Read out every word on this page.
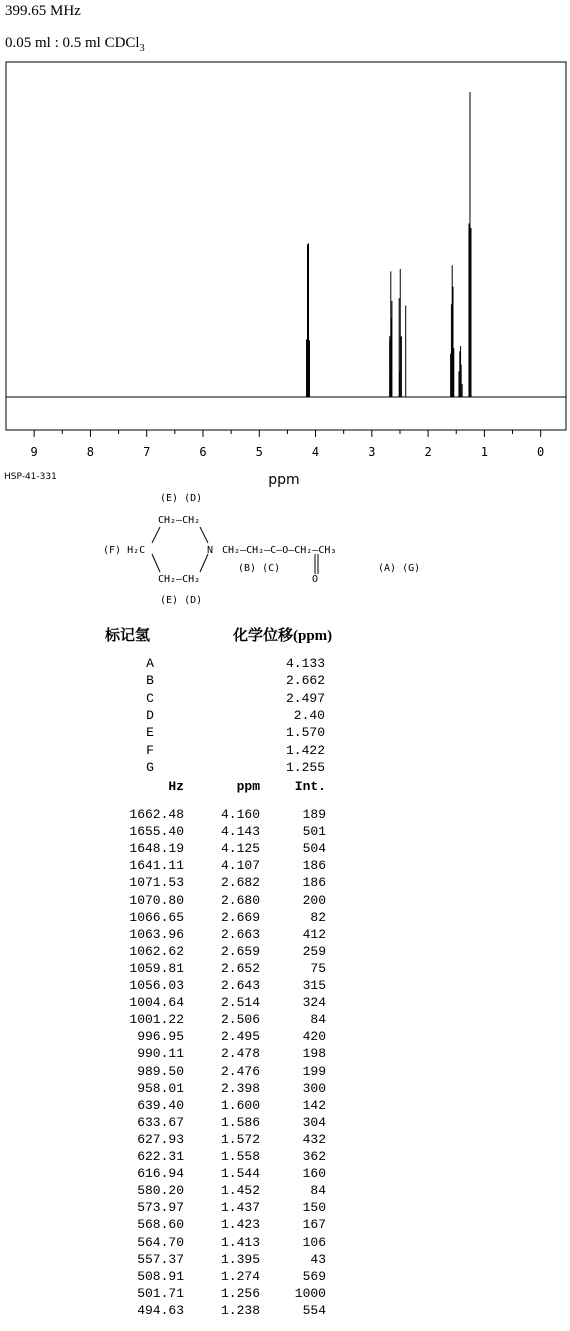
399.65 MHz
0.05 ml : 0.5 ml CDCl$_3$
9	8	7	6	5	4	3	2	1	0
ppm
HSP-41-331
(E) (D)
CH₂—CH₂
(F) H₂C	N CH₂—CH₂—C—O—CH₂—CH₃
(B) (C)	(A) (G)
O
CH₂—CH₂
(E) (D)
标记氢	化学位移(ppm)
A	4.133
B	2.662
C	2.497
D	2.40
E	1.570
F	1.422
G	1.255
Hz	ppm	Int.
1662.48	4.160	189
1655.40	4.143	501
1648.19	4.125	504
1641.11	4.107	186
1071.53	2.682	186
1070.80	2.680	200
1066.65	2.669	82
1063.96	2.663	412
1062.62	2.659	259
1059.81	2.652	75
1056.03	2.643	315
1004.64	2.514	324
1001.22	2.506	84
996.95	2.495	420
990.11	2.478	198
989.50	2.476	199
958.01	2.398	300
639.40	1.600	142
633.67	1.586	304
627.93	1.572	432
622.31	1.558	362
616.94	1.544	160
580.20	1.452	84
573.97	1.437	150
568.60	1.423	167
564.70	1.413	106
557.37	1.395	43
508.91	1.274	569
501.71	1.256	1000
494.63	1.238	554
